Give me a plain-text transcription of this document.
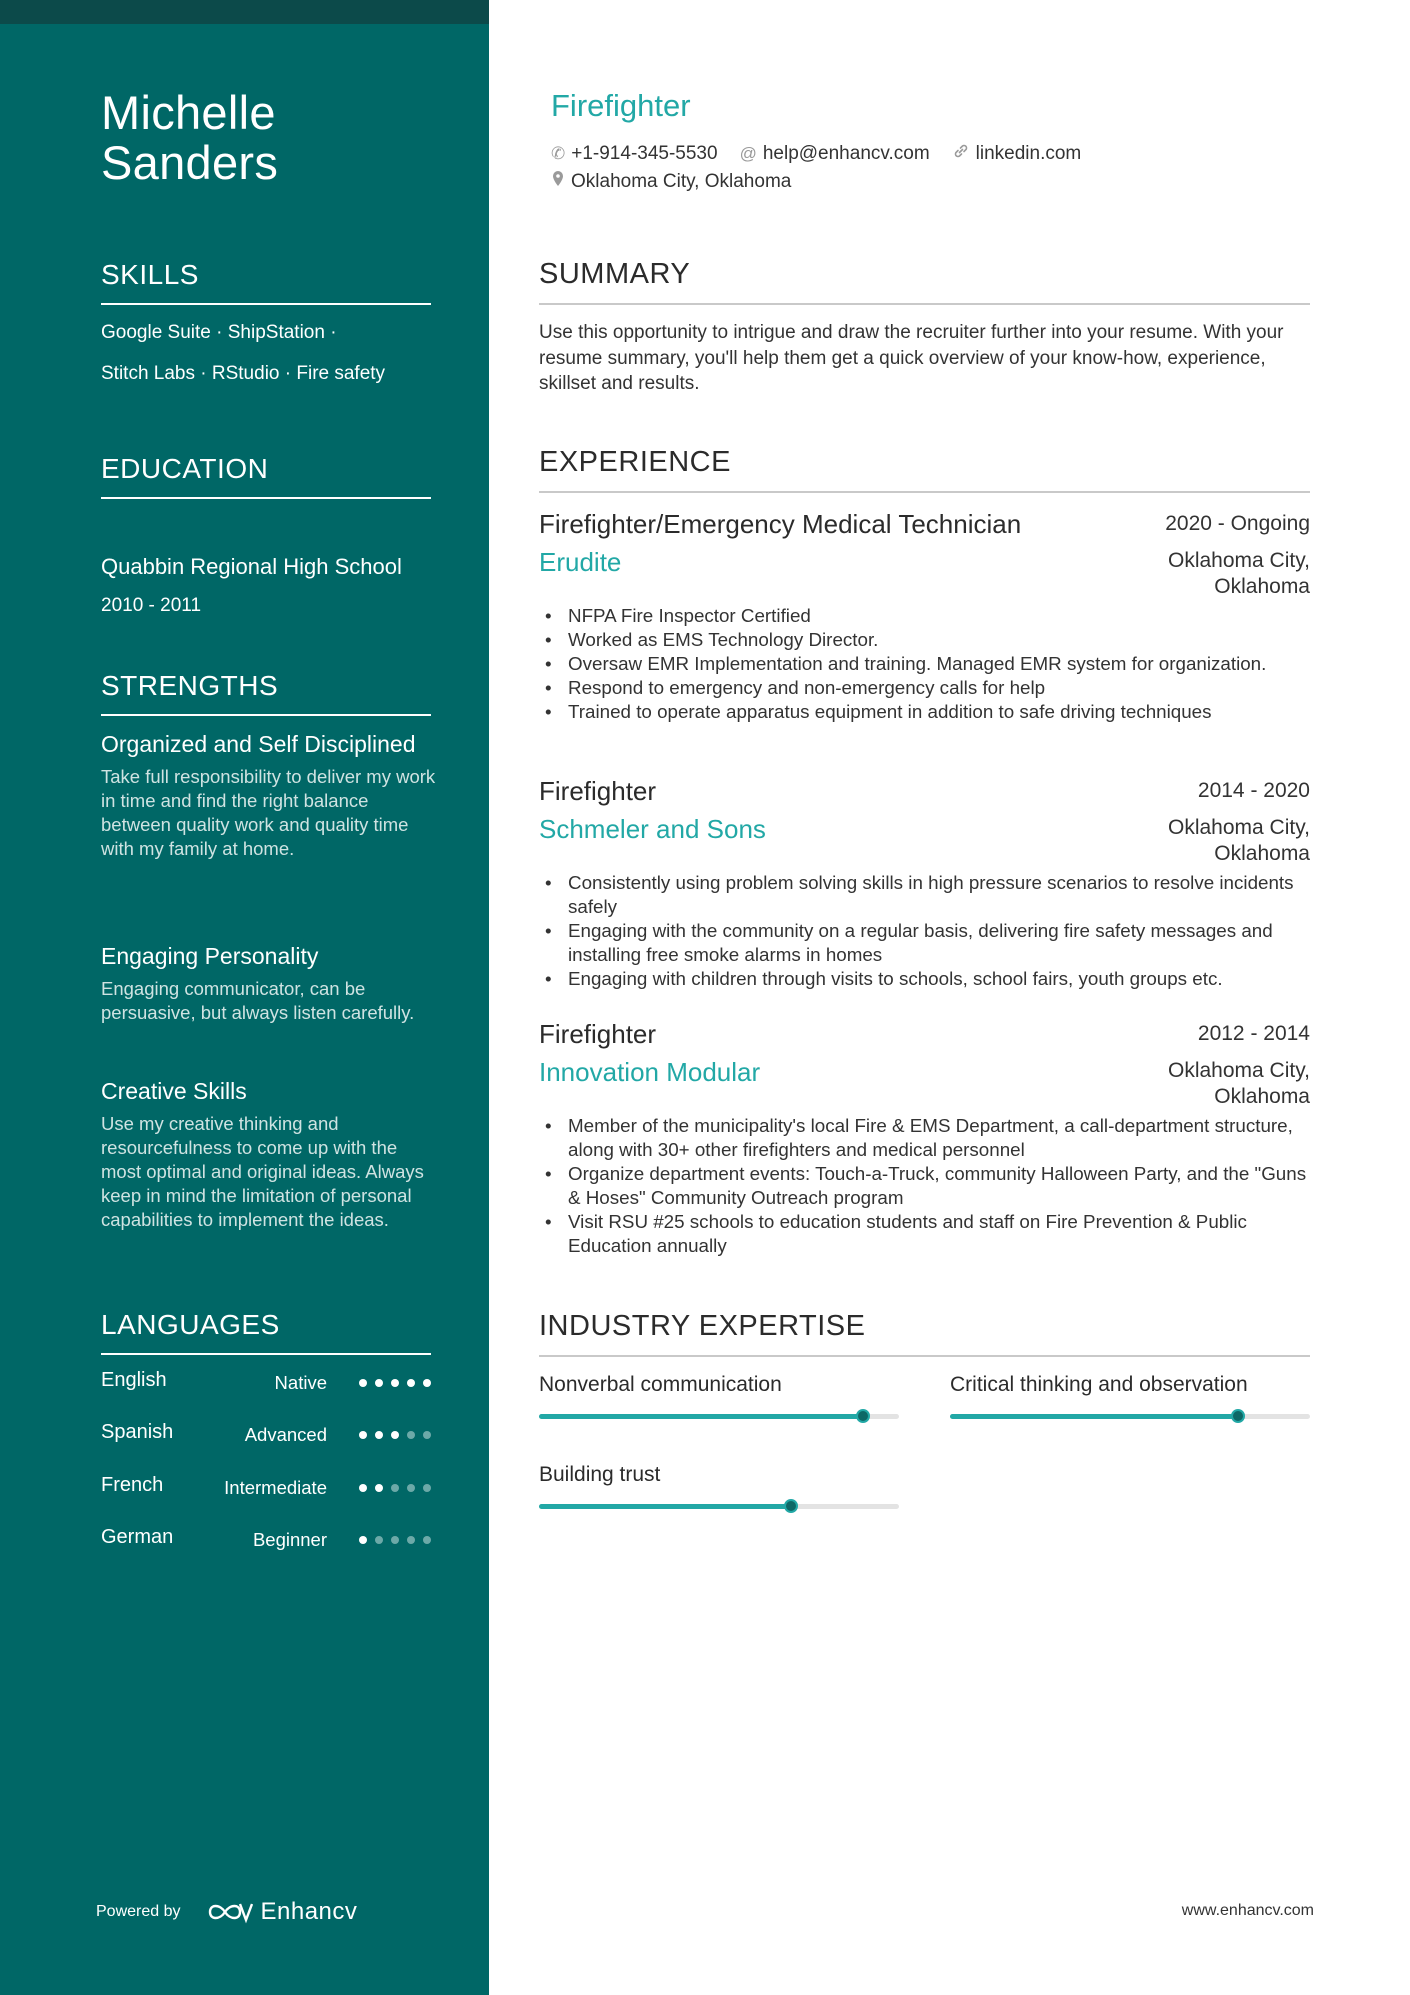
Michelle
Sanders
SKILLS
Google Suite · ShipStation ·
Stitch Labs · RStudio · Fire safety
EDUCATION
Quabbin Regional High School
2010 - 2011
STRENGTHS
Organized and Self Disciplined
Take full responsibility to deliver my work in time and find the right balance between quality work and quality time with my family at home.
Engaging Personality
Engaging communicator, can be persuasive, but always listen carefully.
Creative Skills
Use my creative thinking and resourcefulness to come up with the most optimal and original ideas. Always keep in mind the limitation of personal capabilities to implement the ideas.
LANGUAGES
English	Native
Spanish	Advanced
French	Intermediate
German	Beginner
Powered by	Enhancv
Firefighter
✆ +1-914-345-5530 @ help@enhancv.com linkedin.com
Oklahoma City, Oklahoma
SUMMARY
Use this opportunity to intrigue and draw the recruiter further into your resume. With your resume summary, you'll help them get a quick overview of your know-how, experience, skillset and results.
EXPERIENCE
Firefighter/Emergency Medical Technician	2020 - Ongoing
Erudite	Oklahoma City,
Oklahoma
• NFPA Fire Inspector Certified
• Worked as EMS Technology Director.
• Oversaw EMR Implementation and training. Managed EMR system for organization.
• Respond to emergency and non-emergency calls for help
• Trained to operate apparatus equipment in addition to safe driving techniques
Firefighter	2014 - 2020
Schmeler and Sons	Oklahoma City,
Oklahoma
• Consistently using problem solving skills in high pressure scenarios to resolve incidents safely
• Engaging with the community on a regular basis, delivering fire safety messages and installing free smoke alarms in homes
• Engaging with children through visits to schools, school fairs, youth groups etc.
Firefighter	2012 - 2014
Innovation Modular	Oklahoma City,
Oklahoma
• Member of the municipality's local Fire & EMS Department, a call-department structure, along with 30+ other firefighters and medical personnel
• Organize department events: Touch-a-Truck, community Halloween Party, and the "Guns & Hoses" Community Outreach program
• Visit RSU #25 schools to education students and staff on Fire Prevention & Public Education annually
INDUSTRY EXPERTISE
Nonverbal communication	Critical thinking and observation
Building trust
www.enhancv.com
